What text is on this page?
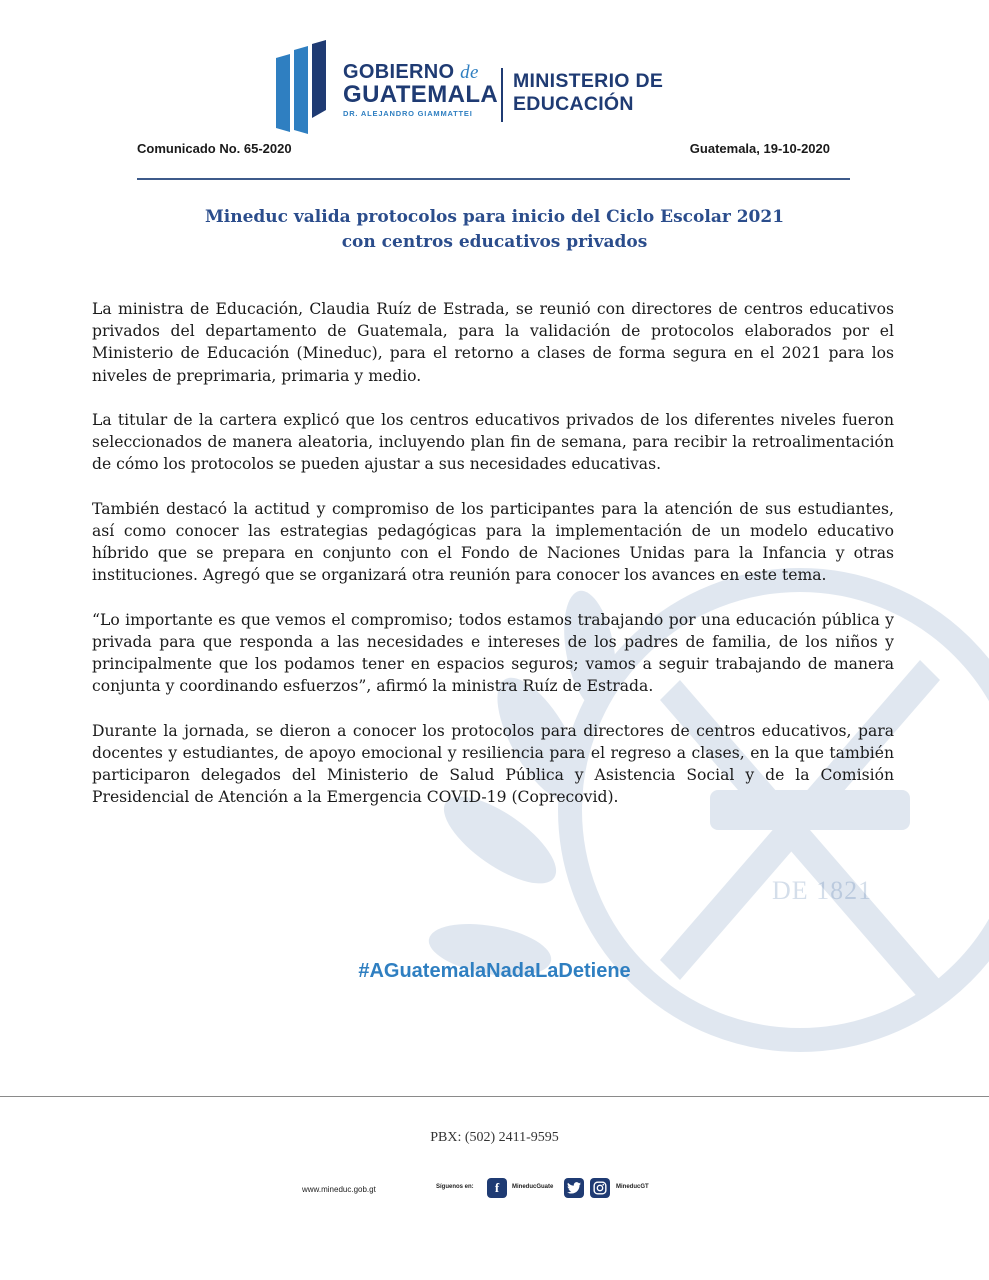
DE 1821
GOBIERNO de
GUATEMALA
DR. ALEJANDRO GIAMMATTEI
MINISTERIO DE
EDUCACIÓN
Comunicado No. 65-2020	Guatemala, 19-10-2020
Mineduc valida protocolos para inicio del Ciclo Escolar 2021
con centros educativos privados

La ministra de Educación, Claudia Ruíz de Estrada, se reunió con directores de centros educativos privados del departamento de Guatemala, para la validación de protocolos elaborados por el Ministerio de Educación (Mineduc), para el retorno a clases de forma segura en el 2021 para los niveles de preprimaria, primaria y medio.

La titular de la cartera explicó que los centros educativos privados de los diferentes niveles fueron seleccionados de manera aleatoria, incluyendo plan fin de semana, para recibir la retroalimentación de cómo los protocolos se pueden ajustar a sus necesidades educativas.

También destacó la actitud y compromiso de los participantes para la atención de sus estudiantes, así como conocer las estrategias pedagógicas para la implementación de un modelo educativo híbrido que se prepara en conjunto con el Fondo de Naciones Unidas para la Infancia y otras instituciones. Agregó que se organizará otra reunión para conocer los avances en este tema.

“Lo importante es que vemos el compromiso; todos estamos trabajando por una educación pública y privada para que responda a las necesidades e intereses de los padres de familia, de los niños y principalmente que los podamos tener en espacios seguros; vamos a seguir trabajando de manera conjunta y coordinando esfuerzos”, afirmó la ministra Ruíz de Estrada.

Durante la jornada, se dieron a conocer los protocolos para directores de centros educativos, para docentes y estudiantes, de apoyo emocional y resiliencia para el regreso a clases, en la que también participaron delegados del Ministerio de Salud Pública y Asistencia Social y de la Comisión Presidencial de Atención a la Emergencia COVID-19 (Coprecovid).

#AGuatemalaNadaLaDetiene
PBX: (502) 2411-9595
www.mineduc.gob.gt	Síguenos en:	f	MineducGuate	MineducGT
